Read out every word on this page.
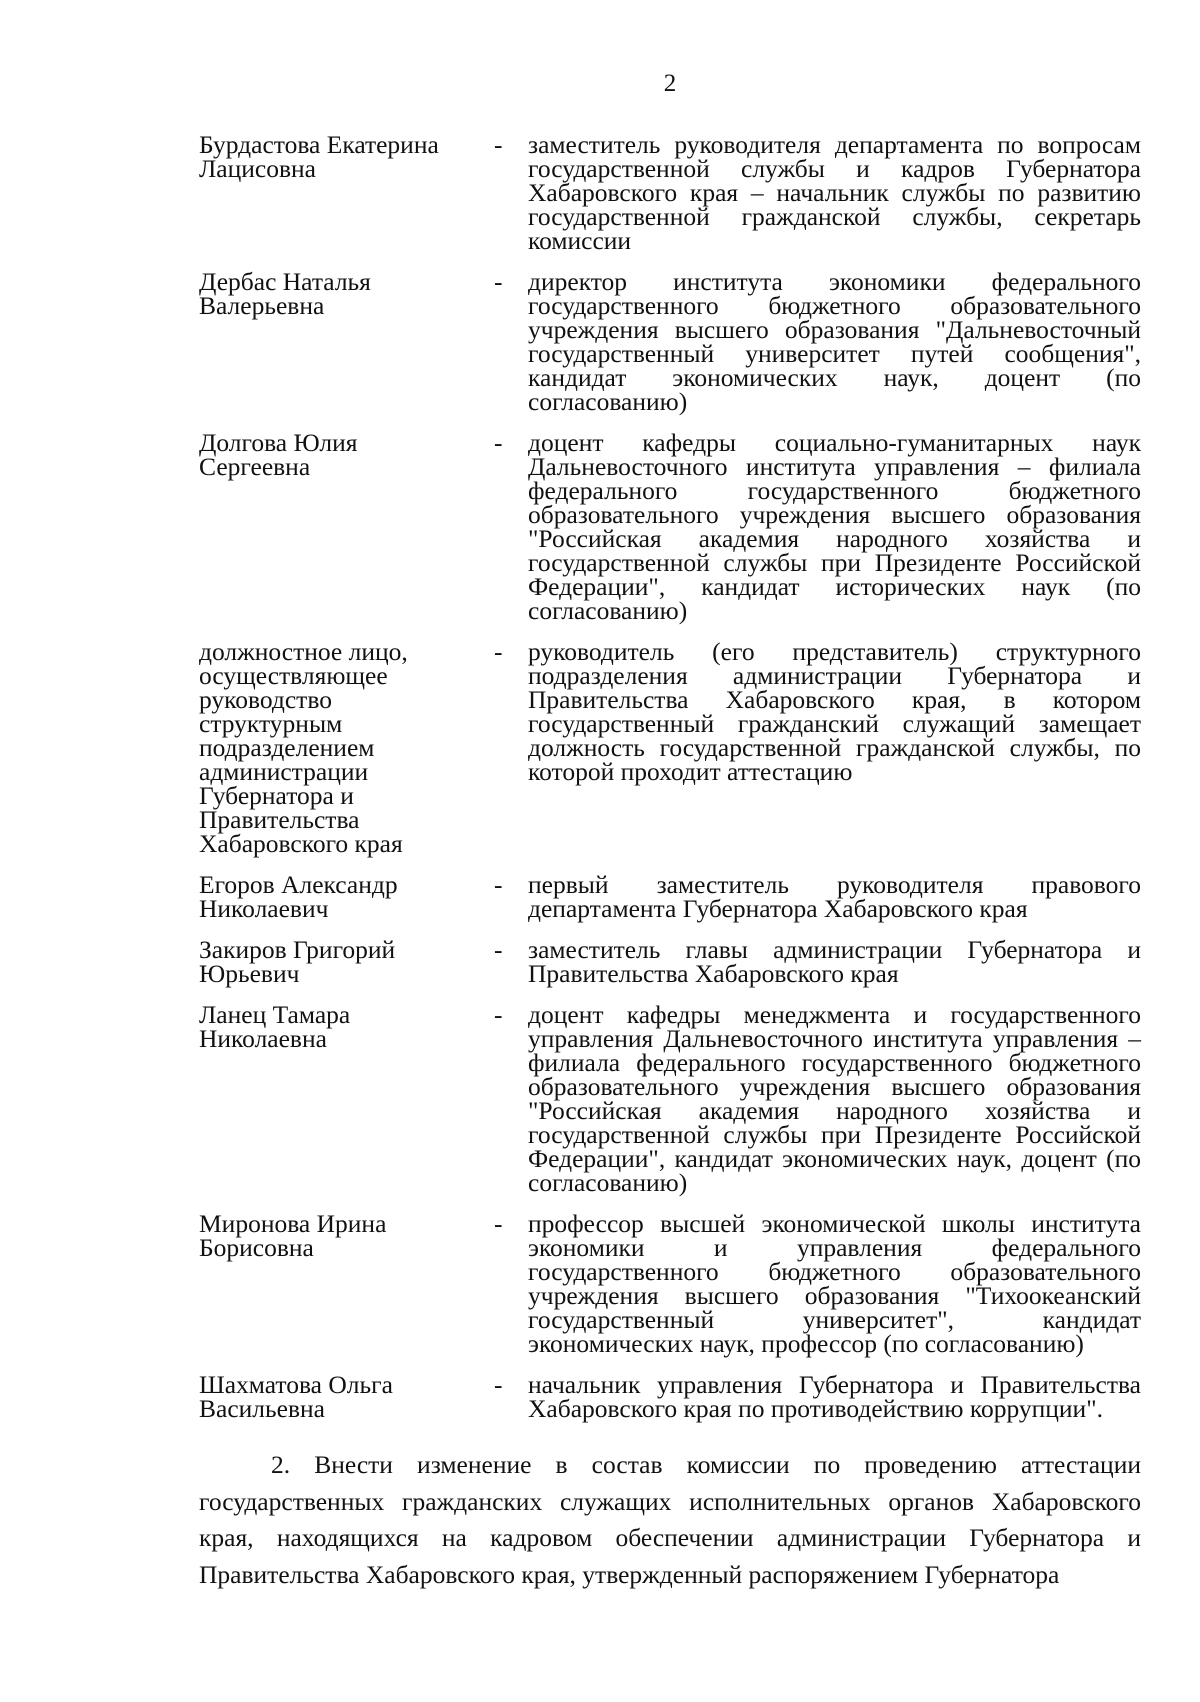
2
Бурдастова Екатерина
Лацисовна
-	заместитель руководителя департамента по вопросам государственной службы и кадров Губернатора Хабаровского края – начальник службы по развитию государственной гражданской службы, секретарь комиссии
Дербас Наталья
Валерьевна
-	директор института экономики федерального государственного бюджетного образовательного учреждения высшего образования "Дальневосточный государственный университет путей сообщения", кандидат экономических наук, доцент (по согласованию)
Долгова Юлия
Сергеевна
-	доцент кафедры социально-гуманитарных наук Дальневосточного института управления – филиала федерального государственного бюджетного образовательного учреждения высшего образования "Российская академия народного хозяйства и государственной службы при Президенте Российской Федерации", кандидат исторических наук (по согласованию)
должностное лицо,
осуществляющее
руководство
структурным
подразделением
администрации
Губернатора и
Правительства
Хабаровского края
-	руководитель (его представитель) структурного подразделения администрации Губернатора и Правительства Хабаровского края, в котором государственный гражданский служащий замещает должность государственной гражданской службы, по которой проходит аттестацию
Егоров Александр
Николаевич
-	первый заместитель руководителя правового департамента Губернатора Хабаровского края
Закиров Григорий
Юрьевич
-	заместитель главы администрации Губернатора и Правительства Хабаровского края
Ланец Тамара
Николаевна
-	доцент кафедры менеджмента и государственного управления Дальневосточного института управления – филиала федерального государственного бюджетного образовательного учреждения высшего образования "Российская академия народного хозяйства и государственной службы при Президенте Российской Федерации", кандидат экономических наук, доцент (по согласованию)
Миронова Ирина
Борисовна
-	профессор высшей экономической школы института экономики и управления федерального государственного бюджетного образовательного учреждения высшего образования "Тихоокеанский государственный университет", кандидат экономических наук, профессор (по согласованию)
Шахматова Ольга
Васильевна
-	начальник управления Губернатора и Правительства Хабаровского края по противодействию коррупции".
2. Внести изменение в состав комиссии по проведению аттестации государственных гражданских служащих исполнительных органов Хабаровского края, находящихся на кадровом обеспечении администрации Губернатора и Правительства Хабаровского края, утвержденный распоряжением Губернатора
